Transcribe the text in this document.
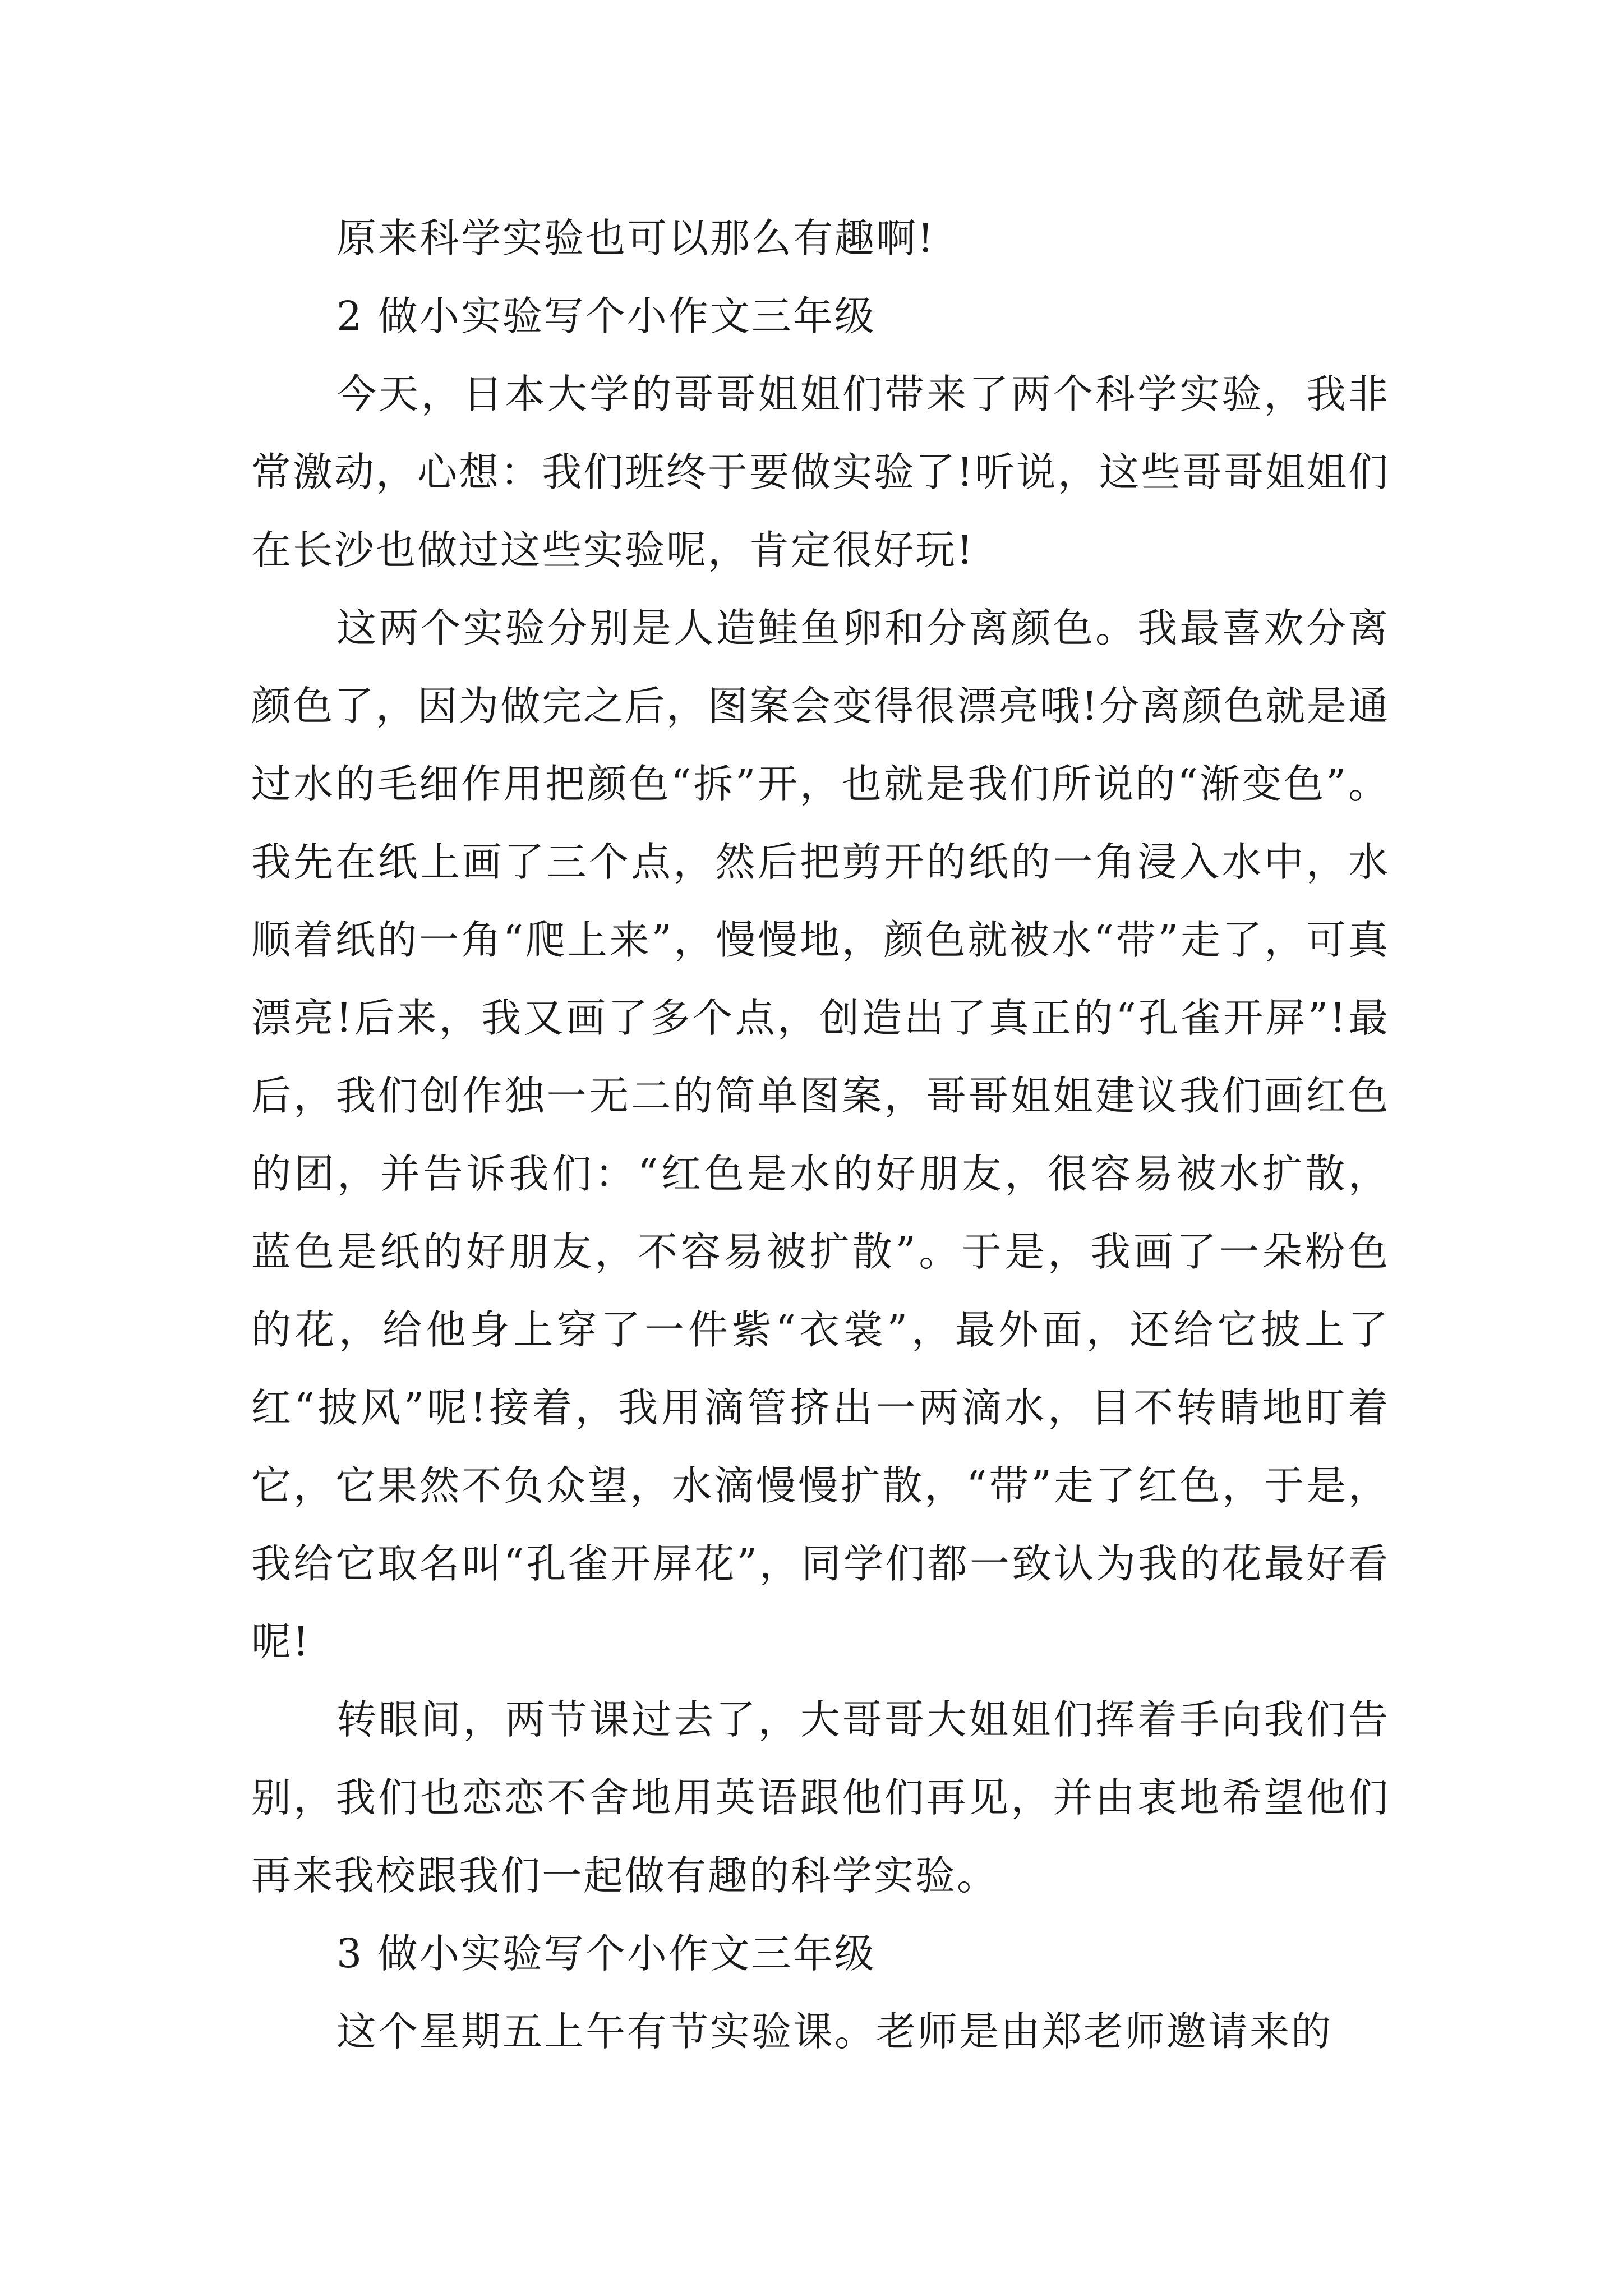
原来科学实验也可以那么有趣啊!

2 做小实验写个小作文三年级

今天，日本大学的哥哥姐姐们带来了两个科学实验，我非常激动，心想：我们班终于要做实验了!听说，这些哥哥姐姐们在长沙也做过这些实验呢，肯定很好玩!

这两个实验分别是人造鲑鱼卵和分离颜色。我最喜欢分离颜色了，因为做完之后，图案会变得很漂亮哦!分离颜色就是通过水的毛细作用把颜色“拆”开，也就是我们所说的“渐变色”。我先在纸上画了三个点，然后把剪开的纸的一角浸入水中，水顺着纸的一角“爬上来”，慢慢地，颜色就被水“带”走了，可真漂亮!后来，我又画了多个点，创造出了真正的“孔雀开屏”!最后，我们创作独一无二的简单图案，哥哥姐姐建议我们画红色的团，并告诉我们：“红色是水的好朋友，很容易被水扩散，蓝色是纸的好朋友，不容易被扩散”。于是，我画了一朵粉色的花，给他身上穿了一件紫“衣裳”，最外面，还给它披上了红“披风”呢!接着，我用滴管挤出一两滴水，目不转睛地盯着它，它果然不负众望，水滴慢慢扩散，“带”走了红色，于是，我给它取名叫“孔雀开屏花”，同学们都一致认为我的花最好看呢!

转眼间，两节课过去了，大哥哥大姐姐们挥着手向我们告别，我们也恋恋不舍地用英语跟他们再见，并由衷地希望他们再来我校跟我们一起做有趣的科学实验。

3 做小实验写个小作文三年级

这个星期五上午有节实验课。老师是由郑老师邀请来的
